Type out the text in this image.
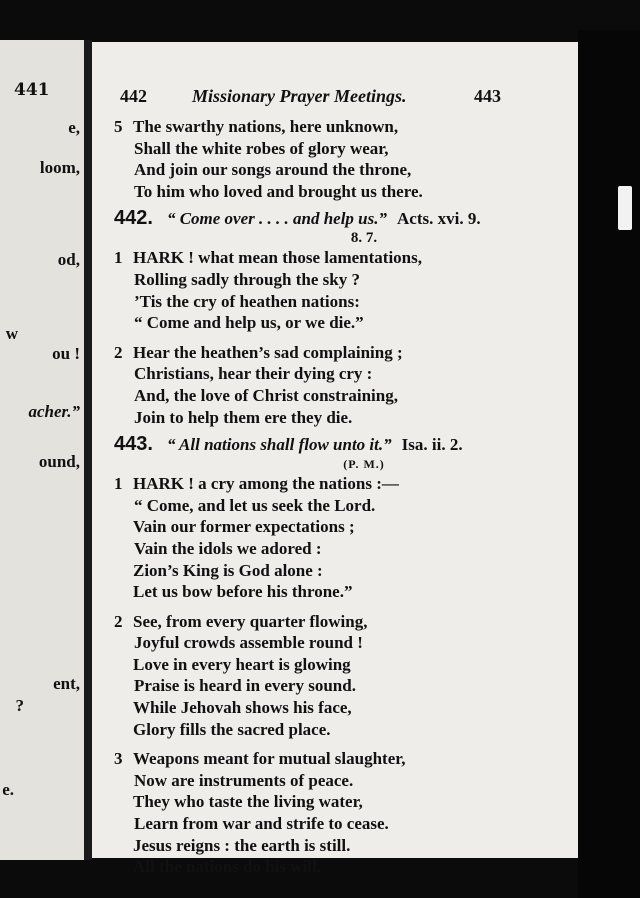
441
e,
loom,
od,
w
ou !
acher.”
ound,
ent,
?
e.
442	Missionary Prayer Meetings.	443
5 The swarthy nations, here unknown,
Shall the white robes of glory wear,
And join our songs around the throne,
To him who loved and brought us there.
442. “ Come over . . . . and help us.” Acts. xvi. 9.
8. 7.
1 HARK ! what mean those lamentations,
Rolling sadly through the sky ?
’Tis the cry of heathen nations:
“ Come and help us, or we die.”
2 Hear the heathen’s sad complaining ;
Christians, hear their dying cry :
And, the love of Christ constraining,
Join to help them ere they die.
443. “ All nations shall flow unto it.” Isa. ii. 2.
(P. M.)
1 HARK ! a cry among the nations :—
“ Come, and let us seek the Lord.
Vain our former expectations ;
Vain the idols we adored :
Zion’s King is God alone :
Let us bow before his throne.”
2 See, from every quarter flowing,
Joyful crowds assemble round !
Love in every heart is glowing
Praise is heard in every sound.
While Jehovah shows his face,
Glory fills the sacred place.
3 Weapons meant for mutual slaughter,
Now are instruments of peace.
They who taste the living water,
Learn from war and strife to cease.
Jesus reigns : the earth is still.
All the nations do his will.
